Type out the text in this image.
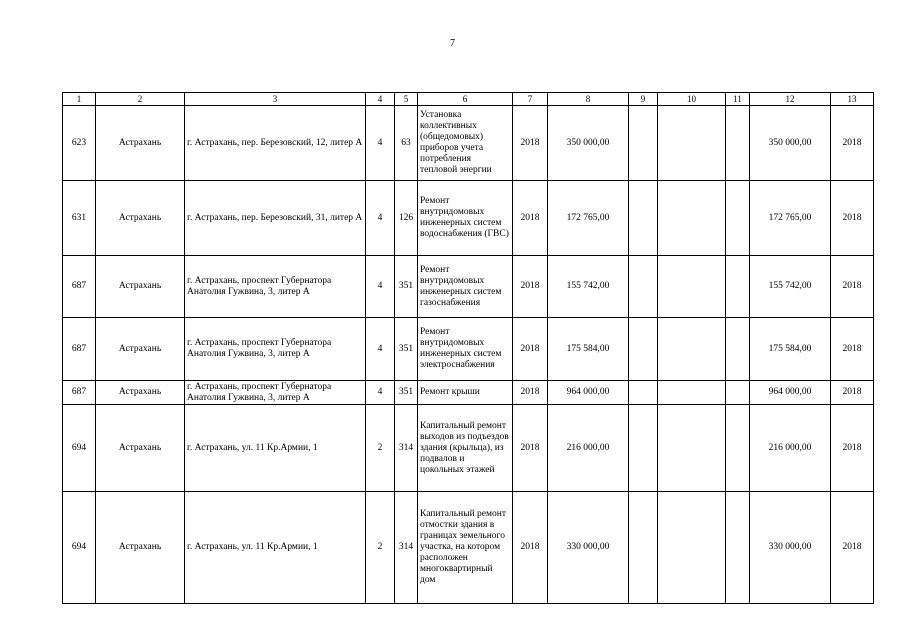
7
1	2	3	4	5	6	7	8	9	10	11	12	13
623	Астрахань	г. Астрахань, пер. Березовский, 12, литер А	4	63	Установка коллективных (общедомовых) приборов учета потребления тепловой энергии	2018	350 000,00				350 000,00	2018
631	Астрахань	г. Астрахань, пер. Березовский, 31, литер А	4	126	Ремонт внутридомовых инженерных систем водоснабжения (ГВС)	2018	172 765,00				172 765,00	2018
687	Астрахань	г. Астрахань, проспект Губернатора Анатолия Гужвина, 3, литер А	4	351	Ремонт внутридомовых инженерных систем газоснабжения	2018	155 742,00				155 742,00	2018
687	Астрахань	г. Астрахань, проспект Губернатора Анатолия Гужвина, 3, литер А	4	351	Ремонт внутридомовых инженерных систем электроснабжения	2018	175 584,00				175 584,00	2018
687	Астрахань	г. Астрахань, проспект Губернатора Анатолия Гужвина, 3, литер А	4	351	Ремонт крыши	2018	964 000,00				964 000,00	2018
694	Астрахань	г. Астрахань, ул. 11 Кр.Армии, 1	2	314	Капитальный ремонт выходов из подъездов здания (крыльца), из подвалов и цокольных этажей	2018	216 000,00				216 000,00	2018
694	Астрахань	г. Астрахань, ул. 11 Кр.Армии, 1	2	314	Капитальный ремонт отмостки здания в границах земельного участка, на котором расположен многоквартирный дом	2018	330 000,00				330 000,00	2018
